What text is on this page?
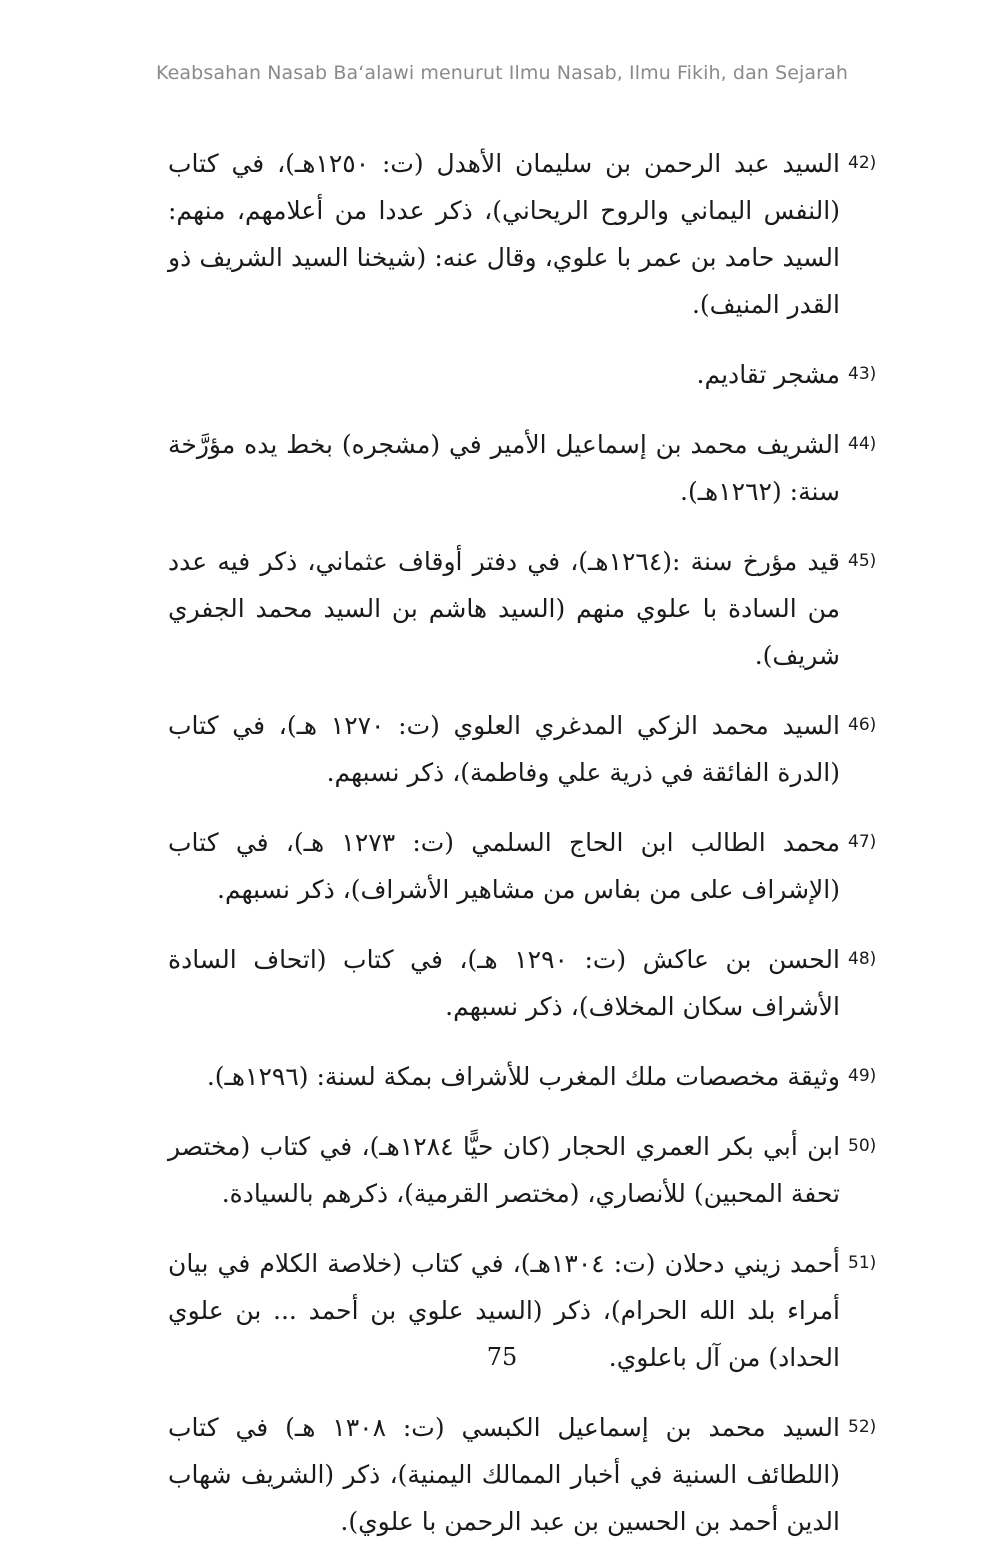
Keabsahan Nasab Ba‘alawi menurut Ilmu Nasab, Ilmu Fikih, dan Sejarah
42)
السيد عبد الرحمن بن سليمان الأهدل (ت: ١٢٥٠هـ)، في كتاب (النفس اليماني والروح الريحاني)، ذكر عددا من أعلامهم، منهم: السيد حامد بن عمر با علوي، وقال عنه: (شيخنا السيد الشريف ذو القدر المنيف).
43)
مشجر تقاديم.
44)
الشريف محمد بن إسماعيل الأمير في (مشجره) بخط يده مؤرَّخة سنة: (١٢٦٢هـ).
45)
قيد مؤرخ سنة :(١٢٦٤هـ)، في دفتر أوقاف عثماني، ذكر فيه عدد من السادة با علوي منهم (السيد هاشم بن السيد محمد الجفري شريف).
46)
السيد محمد الزكي المدغري العلوي (ت: ١٢٧٠ هـ)، في كتاب (الدرة الفائقة في ذرية علي وفاطمة)، ذكر نسبهم.
47)
محمد الطالب ابن الحاج السلمي (ت: ١٢٧٣ هـ)، في كتاب (الإشراف على من بفاس من مشاهير الأشراف)، ذكر نسبهم.
48)
الحسن بن عاكش (ت: ١٢٩٠ هـ)، في كتاب (اتحاف السادة الأشراف سكان المخلاف)، ذكر نسبهم.
49)
وثيقة مخصصات ملك المغرب للأشراف بمكة لسنة: (١٢٩٦هـ).
50)
ابن أبي بكر العمري الحجار (كان حيًّا ١٢٨٤هـ)، في كتاب (مختصر تحفة المحبين) للأنصاري، (مختصر القرمية)، ذكرهم بالسيادة.
51)
أحمد زيني دحلان (ت: ١٣٠٤هـ)، في كتاب (خلاصة الكلام في بيان أمراء بلد الله الحرام)، ذكر (السيد علوي بن أحمد ... بن علوي الحداد) من آل باعلوي.
52)
السيد محمد بن إسماعيل الكبسي (ت: ١٣٠٨ هـ) في كتاب (اللطائف السنية في أخبار الممالك اليمنية)، ذكر (الشريف شهاب الدين أحمد بن الحسين بن عبد الرحمن با علوي).
75
